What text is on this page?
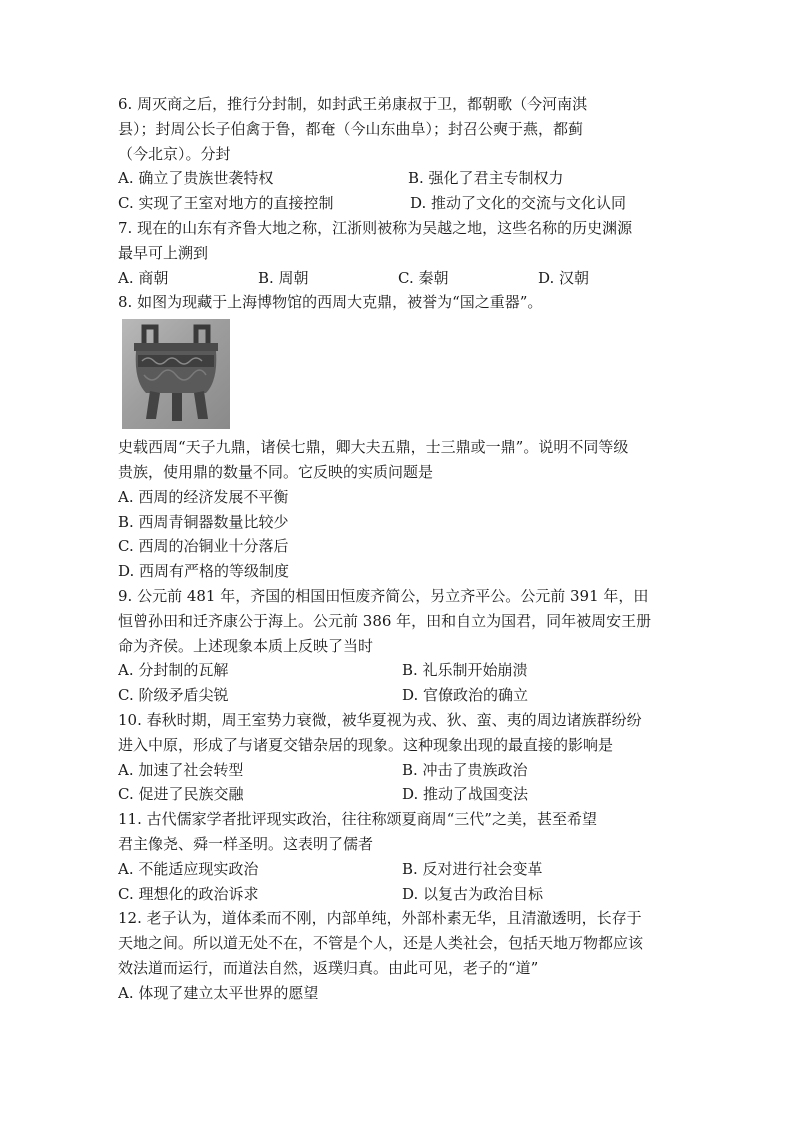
6. 周灭商之后，推行分封制，如封武王弟康叔于卫，都朝歌（今河南淇
县）；封周公长子伯禽于鲁，都奄（今山东曲阜）；封召公奭于燕，都蓟
（今北京）。分封
A. 确立了贵族世袭特权	B. 强化了君主专制权力
C. 实现了王室对地方的直接控制	D. 推动了文化的交流与文化认同
7. 现在的山东有齐鲁大地之称，江浙则被称为吴越之地，这些名称的历史渊源
最早可上溯到
A. 商朝	B. 周朝	C. 秦朝	D. 汉朝
8. 如图为现藏于上海博物馆的西周大克鼎，被誉为“国之重器”。
史载西周“天子九鼎，诸侯七鼎，卿大夫五鼎，士三鼎或一鼎”。说明不同等级
贵族，使用鼎的数量不同。它反映的实质问题是
A. 西周的经济发展不平衡
B. 西周青铜器数量比较少
C. 西周的冶铜业十分落后
D. 西周有严格的等级制度
9. 公元前 481 年，齐国的相国田恒废齐简公，另立齐平公。公元前 391 年，田
恒曾孙田和迁齐康公于海上。公元前 386 年，田和自立为国君，同年被周安王册
命为齐侯。上述现象本质上反映了当时
A. 分封制的瓦解	B. 礼乐制开始崩溃
C. 阶级矛盾尖锐	D. 官僚政治的确立
10. 春秋时期，周王室势力衰微，被华夏视为戎、狄、蛮、夷的周边诸族群纷纷
进入中原，形成了与诸夏交错杂居的现象。这种现象出现的最直接的影响是
A. 加速了社会转型	B. 冲击了贵族政治
C. 促进了民族交融	D. 推动了战国变法
11. 古代儒家学者批评现实政治，往往称颂夏商周“三代”之美，甚至希望
君主像尧、舜一样圣明。这表明了儒者
A. 不能适应现实政治	B. 反对进行社会变革
C. 理想化的政治诉求	D. 以复古为政治目标
12. 老子认为，道体柔而不刚，内部单纯，外部朴素无华，且清澈透明，长存于
天地之间。所以道无处不在，不管是个人，还是人类社会，包括天地万物都应该
效法道而运行，而道法自然，返璞归真。由此可见，老子的“道”
A. 体现了建立太平世界的愿望
